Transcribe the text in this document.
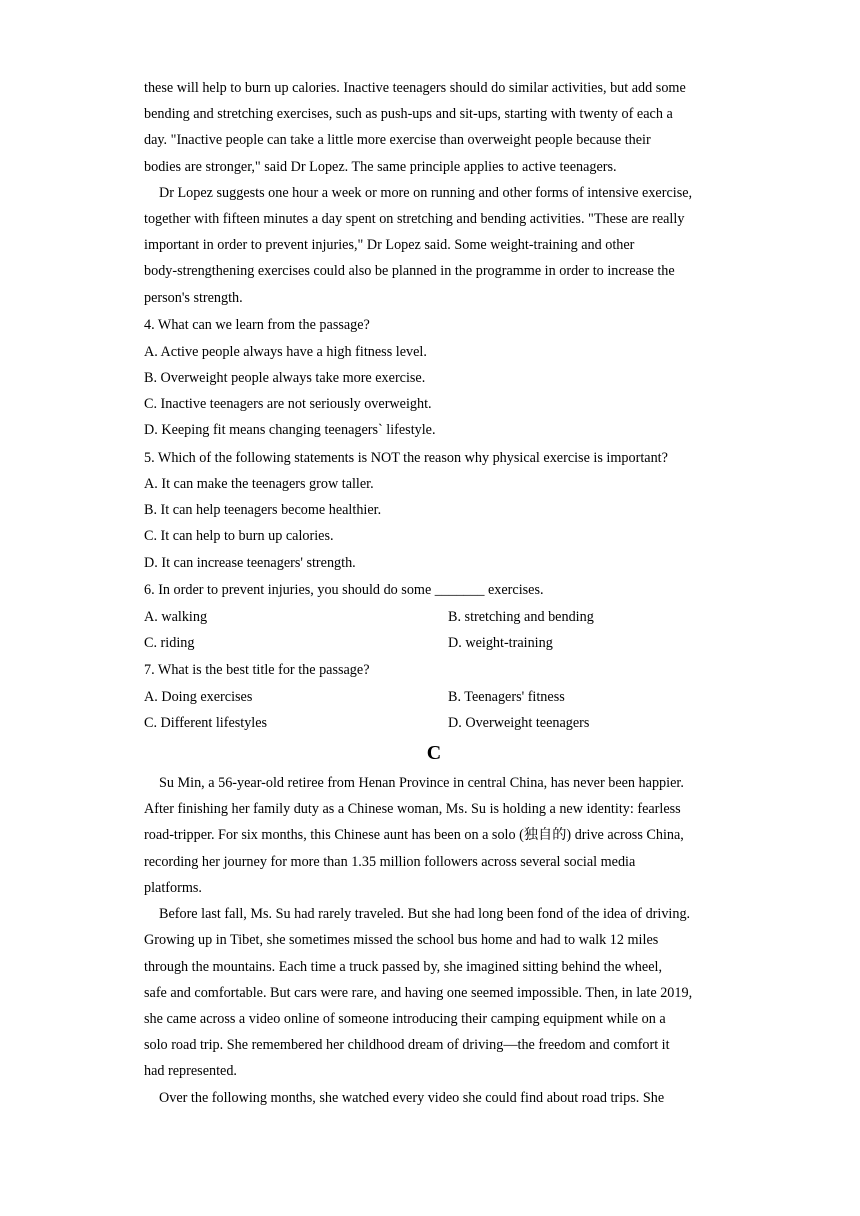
these will help to burn up calories. Inactive teenagers should do similar activities, but add some

bending and stretching exercises, such as push-ups and sit-ups, starting with twenty of each a

day. "Inactive people can take a little more exercise than overweight people because their

bodies are stronger," said Dr Lopez. The same principle applies to active teenagers.

Dr Lopez suggests one hour a week or more on running and other forms of intensive exercise,

together with fifteen minutes a day spent on stretching and bending activities. "These are really

important in order to prevent injuries," Dr Lopez said. Some weight-training and other

body-strengthening exercises could also be planned in the programme in order to increase the

person's strength.

4. What can we learn from the passage?

A. Active people always have a high fitness level.

B. Overweight people always take more exercise.

C. Inactive teenagers are not seriously overweight.

D. Keeping fit means changing teenagers` lifestyle.

5. Which of the following statements is NOT the reason why physical exercise is important?

A. It can make the teenagers grow taller.

B. It can help teenagers become healthier.

C. It can help to burn up calories.

D. It can increase teenagers' strength.

6. In order to prevent injuries, you should do some _______ exercises.

A. walking	B. stretching and bending
C. riding	D. weight-training

7. What is the best title for the passage?

A. Doing exercises	B. Teenagers' fitness
C. Different lifestyles	D. Overweight teenagers

C

Su Min, a 56-year-old retiree from Henan Province in central China, has never been happier.

After finishing her family duty as a Chinese woman, Ms. Su is holding a new identity: fearless

road-tripper. For six months, this Chinese aunt has been on a solo (独自的) drive across China,

recording her journey for more than 1.35 million followers across several social media

platforms.

Before last fall, Ms. Su had rarely traveled. But she had long been fond of the idea of driving.

Growing up in Tibet, she sometimes missed the school bus home and had to walk 12 miles

through the mountains. Each time a truck passed by, she imagined sitting behind the wheel,

safe and comfortable. But cars were rare, and having one seemed impossible. Then, in late 2019,

she came across a video online of someone introducing their camping equipment while on a

solo road trip. She remembered her childhood dream of driving—the freedom and comfort it

had represented.

Over the following months, she watched every video she could find about road trips. She
